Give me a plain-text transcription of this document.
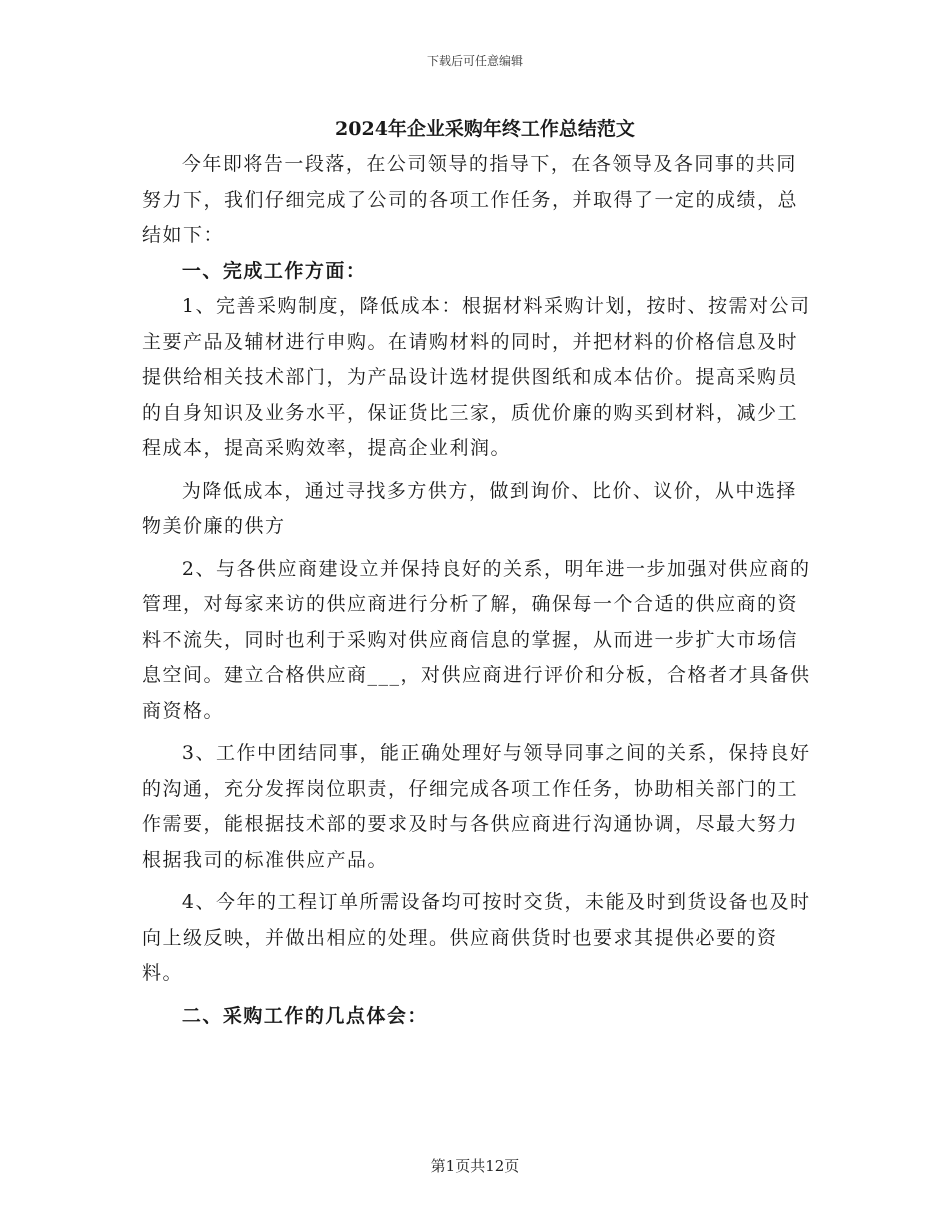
下载后可任意编辑
2024年企业采购年终工作总结范文

今年即将告一段落，在公司领导的指导下，在各领导及各同事的共同努力下，我们仔细完成了公司的各项工作任务，并取得了一定的成绩，总结如下：

一、完成工作方面：

1、完善采购制度，降低成本：根据材料采购计划，按时、按需对公司主要产品及辅材进行申购。在请购材料的同时，并把材料的价格信息及时提供给相关技术部门，为产品设计选材提供图纸和成本估价。提高采购员的自身知识及业务水平，保证货比三家，质优价廉的购买到材料，减少工程成本，提高采购效率，提高企业利润。

为降低成本，通过寻找多方供方，做到询价、比价、议价，从中选择物美价廉的供方

2、与各供应商建设立并保持良好的关系，明年进一步加强对供应商的管理，对每家来访的供应商进行分析了解，确保每一个合适的供应商的资料不流失，同时也利于采购对供应商信息的掌握，从而进一步扩大市场信息空间。建立合格供应商___，对供应商进行评价和分板，合格者才具备供商资格。

3、工作中团结同事，能正确处理好与领导同事之间的关系，保持良好的沟通，充分发挥岗位职责，仔细完成各项工作任务，协助相关部门的工作需要，能根据技术部的要求及时与各供应商进行沟通协调，尽最大努力根据我司的标准供应产品。

4、今年的工程订单所需设备均可按时交货，未能及时到货设备也及时向上级反映，并做出相应的处理。供应商供货时也要求其提供必要的资料。

二、采购工作的几点体会：

第1页共12页
